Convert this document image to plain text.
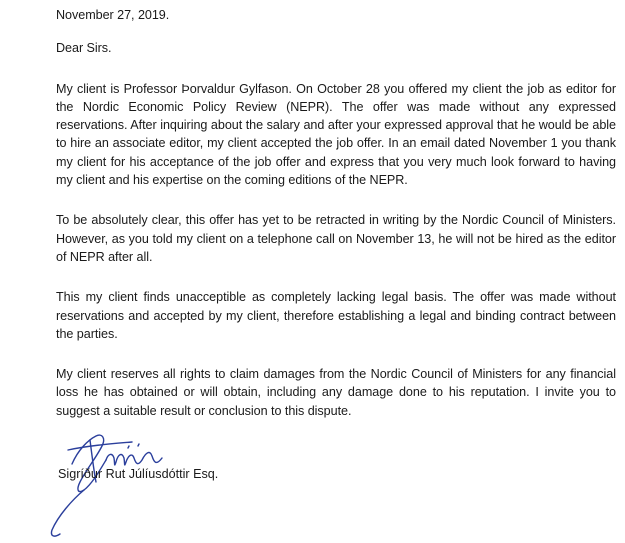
November 27, 2019.

Dear Sirs.

My client is Professor Þorvaldur Gylfason. On October 28 you offered my client the job as editor for the Nordic Economic Policy Review (NEPR). The offer was made without any expressed reservations. After inquiring about the salary and after your expressed approval that he would be able to hire an associate editor, my client accepted the job offer. In an email dated November 1 you thank my client for his acceptance of the job offer and express that you very much look forward to having my client and his expertise on the coming editions of the NEPR.

To be absolutely clear, this offer has yet to be retracted in writing by the Nordic Council of Ministers. However, as you told my client on a telephone call on November 13, he will not be hired as the editor of NEPR after all.

This my client finds unacceptible as completely lacking legal basis. The offer was made without reservations and accepted by my client, therefore establishing a legal and binding contract between the parties.

My client reserves all rights to claim damages from the Nordic Council of Ministers for any financial loss he has obtained or will obtain, including any damage done to his reputation. I invite you to suggest a suitable result or conclusion to this dispute.

Sigríður Rut Júlíusdóttir Esq.
